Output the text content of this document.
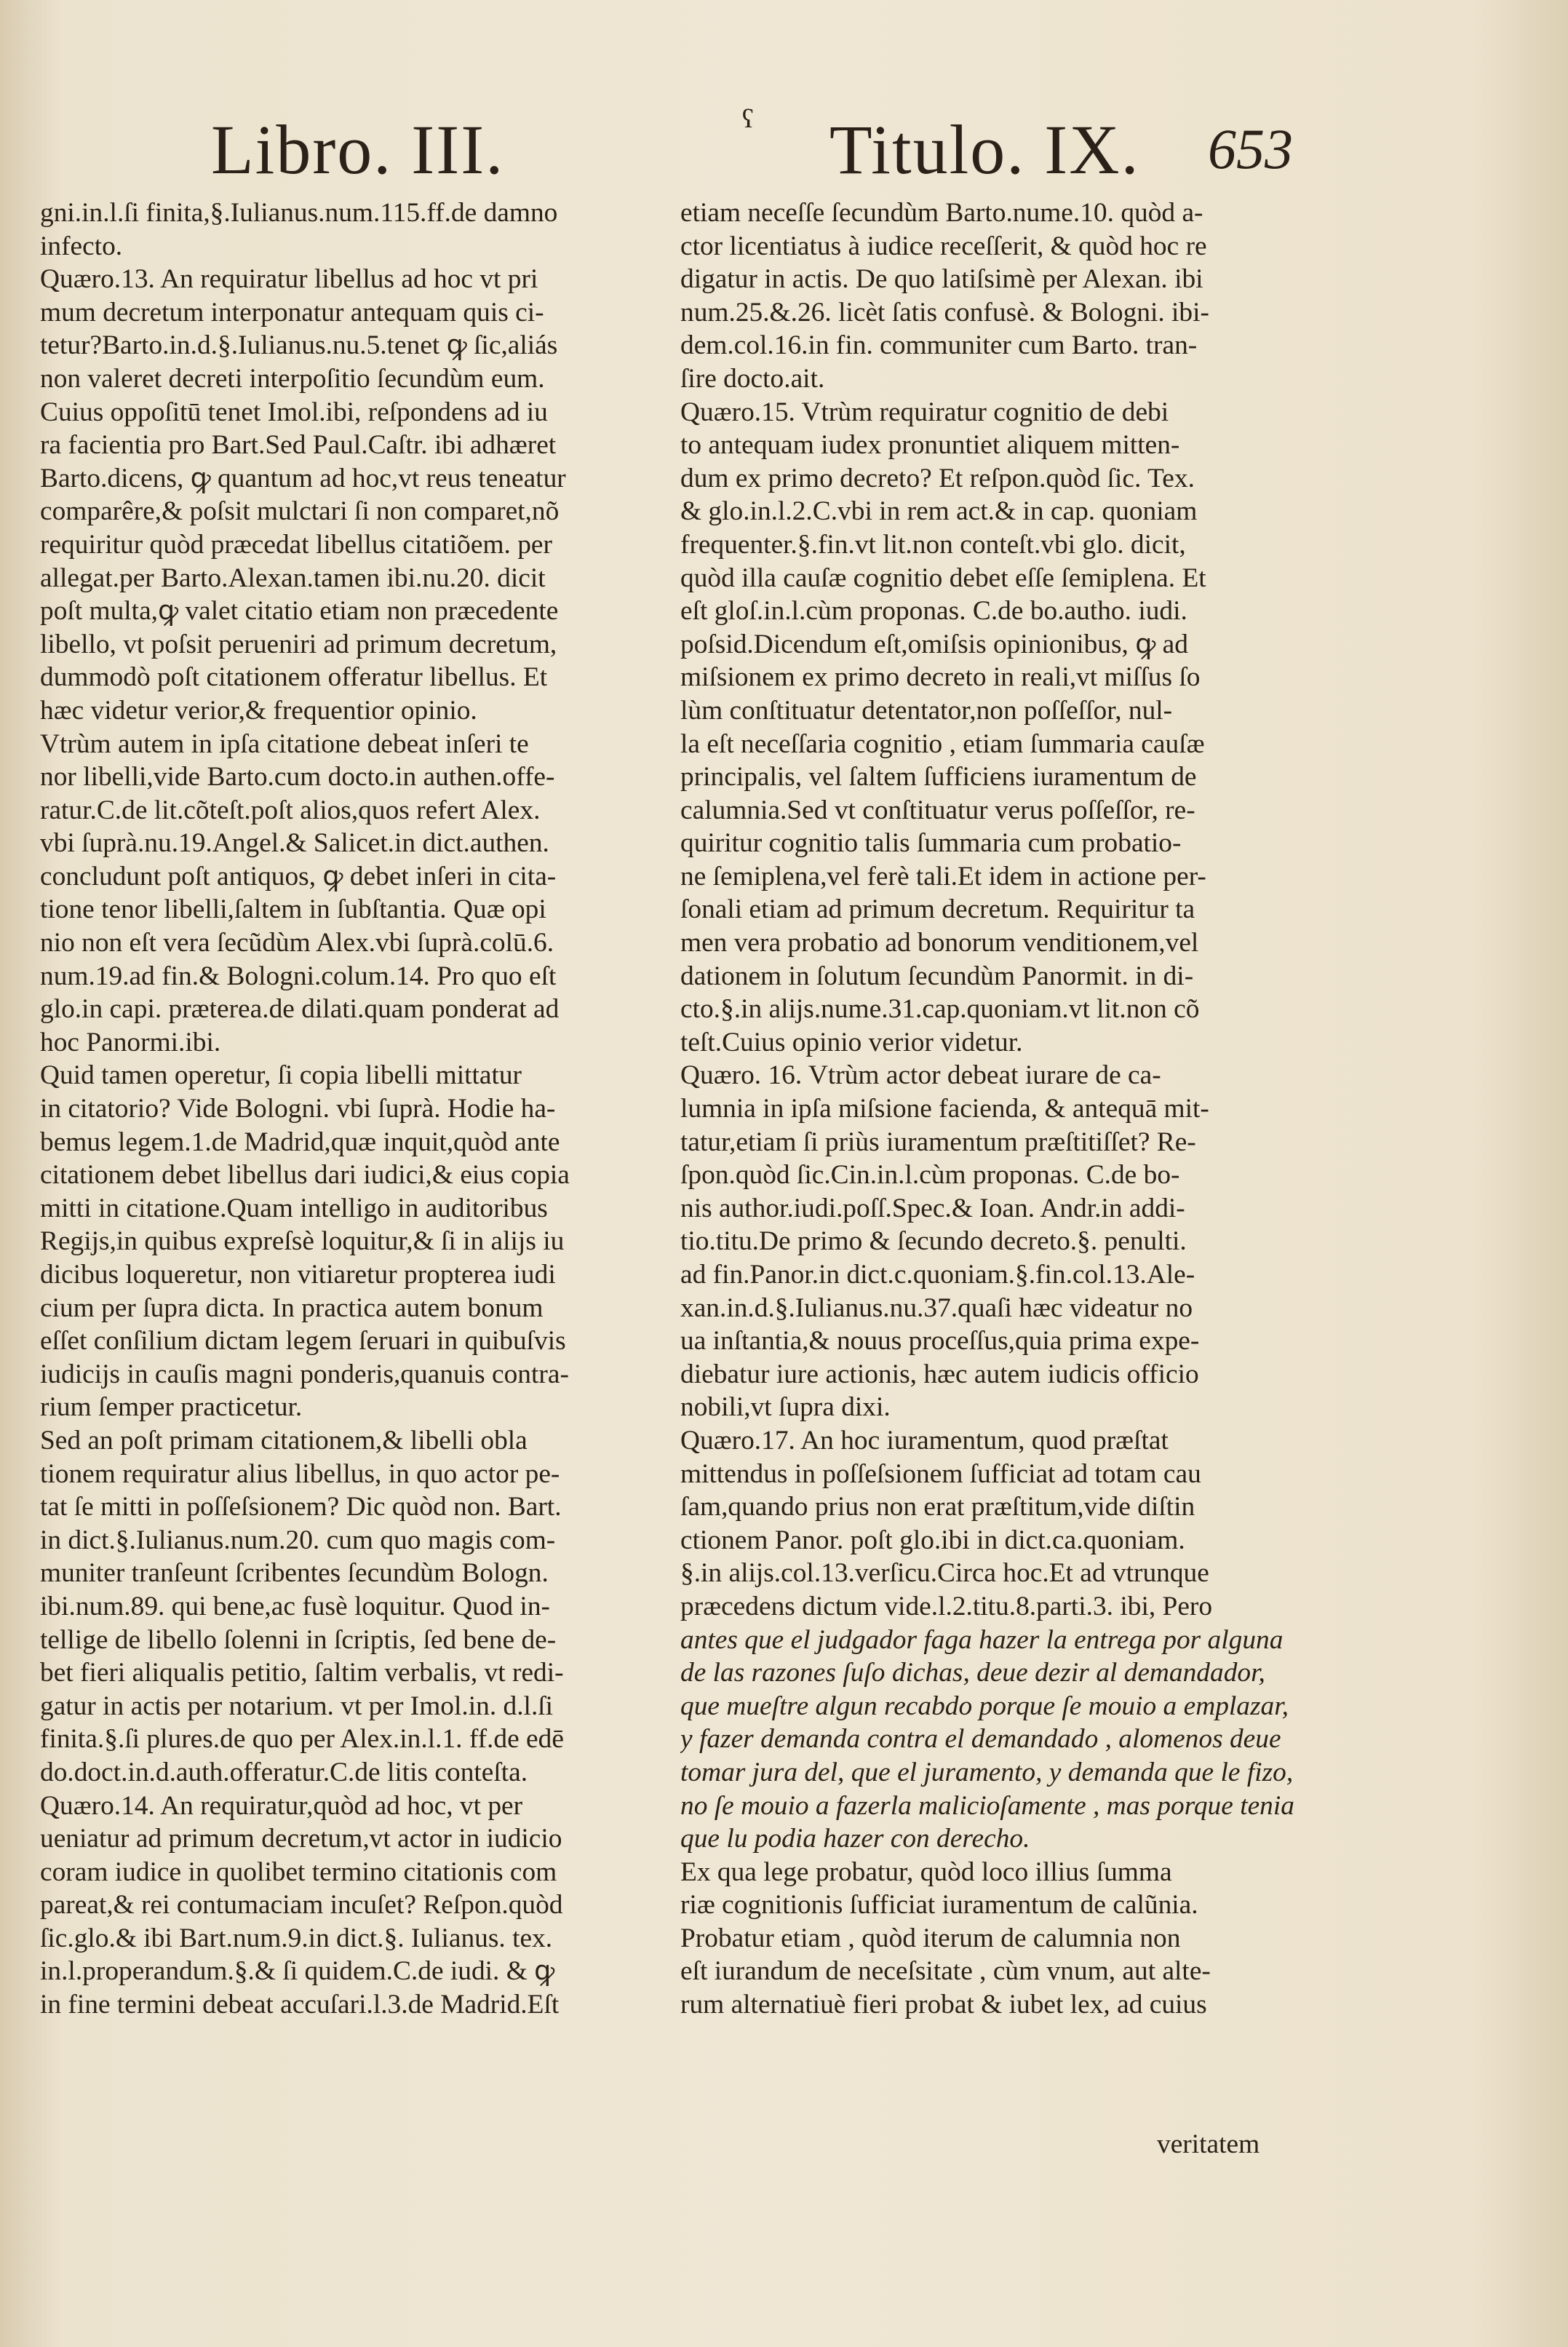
Libro. III.	ʕ Titulo. IX. 653
gni.in.l.ſi finita,§.Iulianus.num.115.ff.de damno
infecto.
Quæro.13. An requiratur libellus ad hoc vt pri
mum decretum interponatur antequam quis ci-
tetur?Barto.in.d.§.Iulianus.nu.5.tenet ꝙ ſic,aliás
non valeret decreti interpoſitio ſecundùm eum.
Cuius oppoſitū tenet Imol.ibi, reſpondens ad iu
ra facientia pro Bart.Sed Paul.Caſtr. ibi adhæret
Barto.dicens, ꝙ quantum ad hoc,vt reus teneatur
comparêre,& poſsit mulctari ſi non comparet,nõ
requiritur quòd præcedat libellus citatiõem. per
allegat.per Barto.Alexan.tamen ibi.nu.20. dicit
poſt multa,ꝙ valet citatio etiam non præcedente
libello, vt poſsit perueniri ad primum decretum,
dummodò poſt citationem offeratur libellus. Et
hæc videtur verior,& frequentior opinio.
Vtrùm autem in ipſa citatione debeat inſeri te
nor libelli,vide Barto.cum docto.in authen.offe-
ratur.C.de lit.cõteſt.poſt alios,quos refert Alex.
vbi ſuprà.nu.19.Angel.& Salicet.in dict.authen.
concludunt poſt antiquos, ꝙ debet inſeri in cita-
tione tenor libelli,ſaltem in ſubſtantia. Quæ opi
nio non eſt vera ſecũdùm Alex.vbi ſuprà.colū.6.
num.19.ad fin.& Bologni.colum.14. Pro quo eſt
glo.in capi. præterea.de dilati.quam ponderat ad
hoc Panormi.ibi.
Quid tamen operetur, ſi copia libelli mittatur
in citatorio? Vide Bologni. vbi ſuprà. Hodie ha-
bemus legem.1.de Madrid,quæ inquit,quòd ante
citationem debet libellus dari iudici,& eius copia
mitti in citatione.Quam intelligo in auditoribus
Regijs,in quibus expreſsè loquitur,& ſi in alijs iu
dicibus loqueretur, non vitiaretur propterea iudi
cium per ſupra dicta. In practica autem bonum
eſſet conſilium dictam legem ſeruari in quibuſvis
iudicijs in cauſis magni ponderis,quanuis contra-
rium ſemper practicetur.
Sed an poſt primam citationem,& libelli obla
tionem requiratur alius libellus, in quo actor pe-
tat ſe mitti in poſſeſsionem? Dic quòd non. Bart.
in dict.§.Iulianus.num.20. cum quo magis com-
muniter tranſeunt ſcribentes ſecundùm Bologn.
ibi.num.89. qui bene,ac fusè loquitur. Quod in-
tellige de libello ſolenni in ſcriptis, ſed bene de-
bet fieri aliqualis petitio, ſaltim verbalis, vt redi-
gatur in actis per notarium. vt per Imol.in. d.l.ſi
finita.§.ſi plures.de quo per Alex.in.l.1. ff.de edē
do.doct.in.d.auth.offeratur.C.de litis conteſta.
Quæro.14. An requiratur,quòd ad hoc, vt per
ueniatur ad primum decretum,vt actor in iudicio
coram iudice in quolibet termino citationis com
pareat,& rei contumaciam incuſet? Reſpon.quòd
ſic.glo.& ibi Bart.num.9.in dict.§. Iulianus. tex.
in.l.properandum.§.& ſi quidem.C.de iudi. & ꝙ
in fine termini debeat accuſari.l.3.de Madrid.Eſt
etiam neceſſe ſecundùm Barto.nume.10. quòd a-
ctor licentiatus à iudice receſſerit, & quòd hoc re
digatur in actis. De quo latiſsimè per Alexan. ibi
num.25.&.26. licèt ſatis confusè. & Bologni. ibi-
dem.col.16.in fin. communiter cum Barto. tran-
ſire docto.ait.
Quæro.15. Vtrùm requiratur cognitio de debi
to antequam iudex pronuntiet aliquem mitten-
dum ex primo decreto? Et reſpon.quòd ſic. Tex.
& glo.in.l.2.C.vbi in rem act.& in cap. quoniam
frequenter.§.fin.vt lit.non conteſt.vbi glo. dicit,
quòd illa cauſæ cognitio debet eſſe ſemiplena. Et
eſt gloſ.in.l.cùm proponas. C.de bo.autho. iudi.
poſsid.Dicendum eſt,omiſsis opinionibus, ꝙ ad
miſsionem ex primo decreto in reali,vt miſſus ſo
lùm conſtituatur detentator,non poſſeſſor, nul-
la eſt neceſſaria cognitio , etiam ſummaria cauſæ
principalis, vel ſaltem ſufficiens iuramentum de
calumnia.Sed vt conſtituatur verus poſſeſſor, re-
quiritur cognitio talis ſummaria cum probatio-
ne ſemiplena,vel ferè tali.Et idem in actione per-
ſonali etiam ad primum decretum. Requiritur ta
men vera probatio ad bonorum venditionem,vel
dationem in ſolutum ſecundùm Panormit. in di-
cto.§.in alijs.nume.31.cap.quoniam.vt lit.non cõ
teſt.Cuius opinio verior videtur.
Quæro. 16. Vtrùm actor debeat iurare de ca-
lumnia in ipſa miſsione facienda, & antequā mit-
tatur,etiam ſi priùs iuramentum præſtitiſſet? Re-
ſpon.quòd ſic.Cin.in.l.cùm proponas. C.de bo-
nis author.iudi.poſſ.Spec.& Ioan. Andr.in addi-
tio.titu.De primo & ſecundo decreto.§. penulti.
ad fin.Panor.in dict.c.quoniam.§.fin.col.13.Ale-
xan.in.d.§.Iulianus.nu.37.quaſi hæc videatur no
ua inſtantia,& nouus proceſſus,quia prima expe-
diebatur iure actionis, hæc autem iudicis officio
nobili,vt ſupra dixi.
Quæro.17. An hoc iuramentum, quod præſtat
mittendus in poſſeſsionem ſufficiat ad totam cau
ſam,quando prius non erat præſtitum,vide diſtin
ctionem Panor. poſt glo.ibi in dict.ca.quoniam.
§.in alijs.col.13.verſicu.Circa hoc.Et ad vtrunque
præcedens dictum vide.l.2.titu.8.parti.3. ibi, Pero
antes que el judgador faga hazer la entrega por alguna
de las razones ſuſo dichas, deue dezir al demandador,
que mueſtre algun recabdo porque ſe mouio a emplazar,
y fazer demanda contra el demandado , alomenos deue
tomar jura del, que el juramento, y demanda que le fizo,
no ſe mouio a fazerla malicioſamente , mas porque tenia
que lu podia hazer con derecho.
Ex qua lege probatur, quòd loco illius ſumma
riæ cognitionis ſufficiat iuramentum de calũnia.
Probatur etiam , quòd iterum de calumnia non
eſt iurandum de neceſsitate , cùm vnum, aut alte-
rum alternatiuè fieri probat & iubet lex, ad cuius
veritatem
